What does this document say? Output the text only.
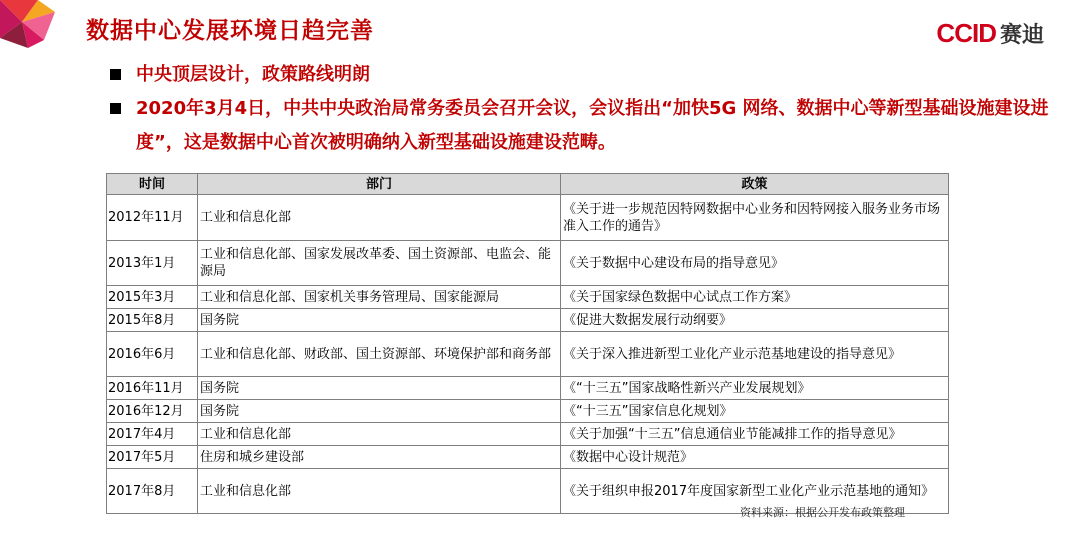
数据中心发展环境日趋完善	CCID 赛迪
中央顶层设计，政策路线明朗
2020年3月4日，中共中央政治局常务委员会召开会议，会议指出“加快5G 网络、数据中心等新型基础设施建设进度”，这是数据中心首次被明确纳入新型基础设施建设范畴。
时间	部门	政策
2012年11月	工业和信息化部	《关于进一步规范因特网数据中心业务和因特网接入服务业务市场准入工作的通告》
2013年1月	工业和信息化部、国家发展改革委、国土资源部、电监会、能源局	《关于数据中心建设布局的指导意见》
2015年3月	工业和信息化部、国家机关事务管理局、国家能源局	《关于国家绿色数据中心试点工作方案》
2015年8月	国务院	《促进大数据发展行动纲要》
2016年6月	工业和信息化部、财政部、国土资源部、环境保护部和商务部	《关于深入推进新型工业化产业示范基地建设的指导意见》
2016年11月	国务院	《“十三五”国家战略性新兴产业发展规划》
2016年12月	国务院	《“十三五”国家信息化规划》
2017年4月	工业和信息化部	《关于加强“十三五”信息通信业节能减排工作的指导意见》
2017年5月	住房和城乡建设部	《数据中心设计规范》
2017年8月	工业和信息化部	《关于组织申报2017年度国家新型工业化产业示范基地的通知》
资料来源：根据公开发布政策整理
